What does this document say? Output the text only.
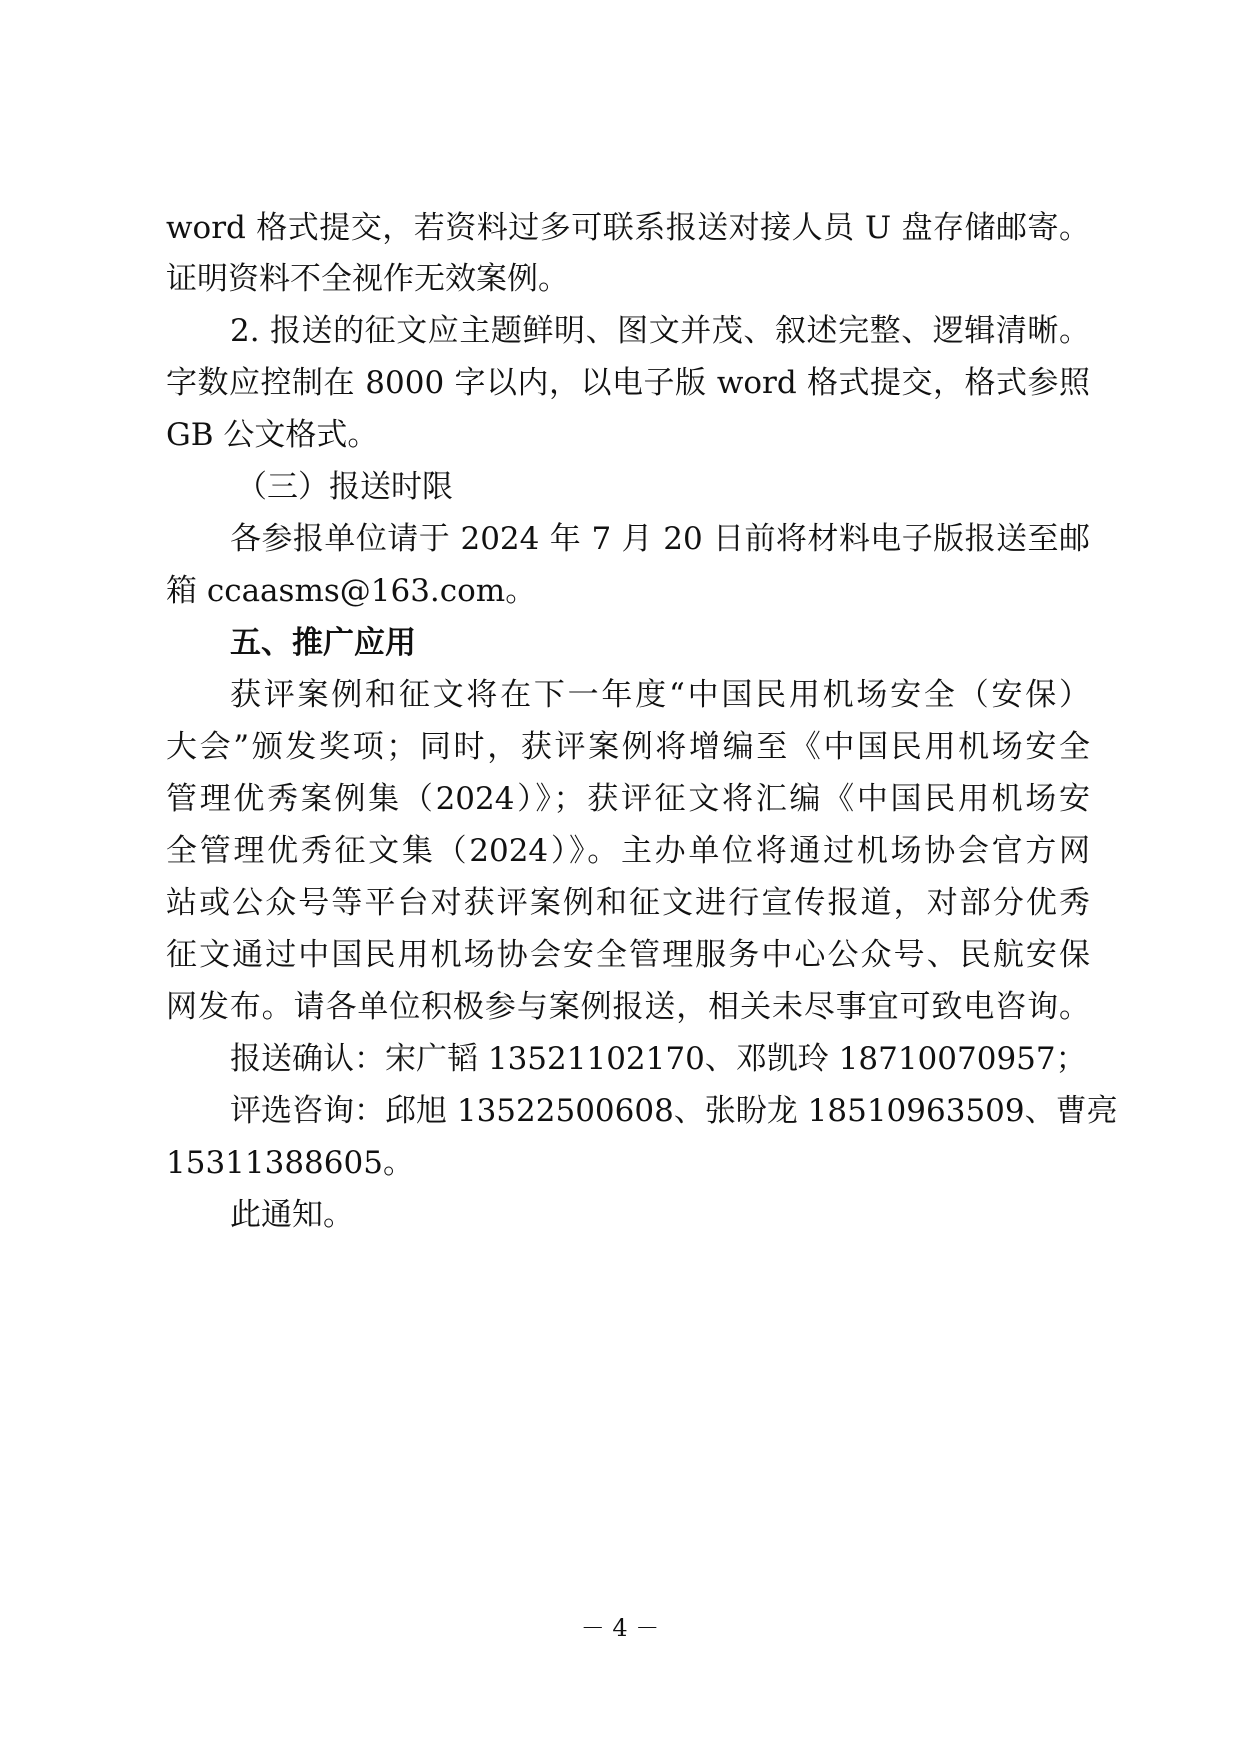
word 格式提交，若资料过多可联系报送对接人员 U 盘存储邮寄。
证明资料不全视作无效案例。
2. 报送的征文应主题鲜明、图文并茂、叙述完整、逻辑清晰。
字数应控制在 8000 字以内，以电子版 word 格式提交，格式参照
GB 公文格式。
（三）报送时限
各参报单位请于 2024 年 7 月 20 日前将材料电子版报送至邮
箱 ccaasms@163.com。
五、推广应用
获评案例和征文将在下一年度“中国民用机场安全（安保）
大会”颁发奖项；同时，获评案例将增编至《中国民用机场安全
管理优秀案例集（2024）》；获评征文将汇编《中国民用机场安
全管理优秀征文集（2024）》。主办单位将通过机场协会官方网
站或公众号等平台对获评案例和征文进行宣传报道，对部分优秀
征文通过中国民用机场协会安全管理服务中心公众号、民航安保
网发布。请各单位积极参与案例报送，相关未尽事宜可致电咨询。
报送确认：宋广韬 13521102170、邓凯玲 18710070957；
评选咨询：邱旭 13522500608、张盼龙 18510963509、曹亮
15311388605。
此通知。
－ 4 －
